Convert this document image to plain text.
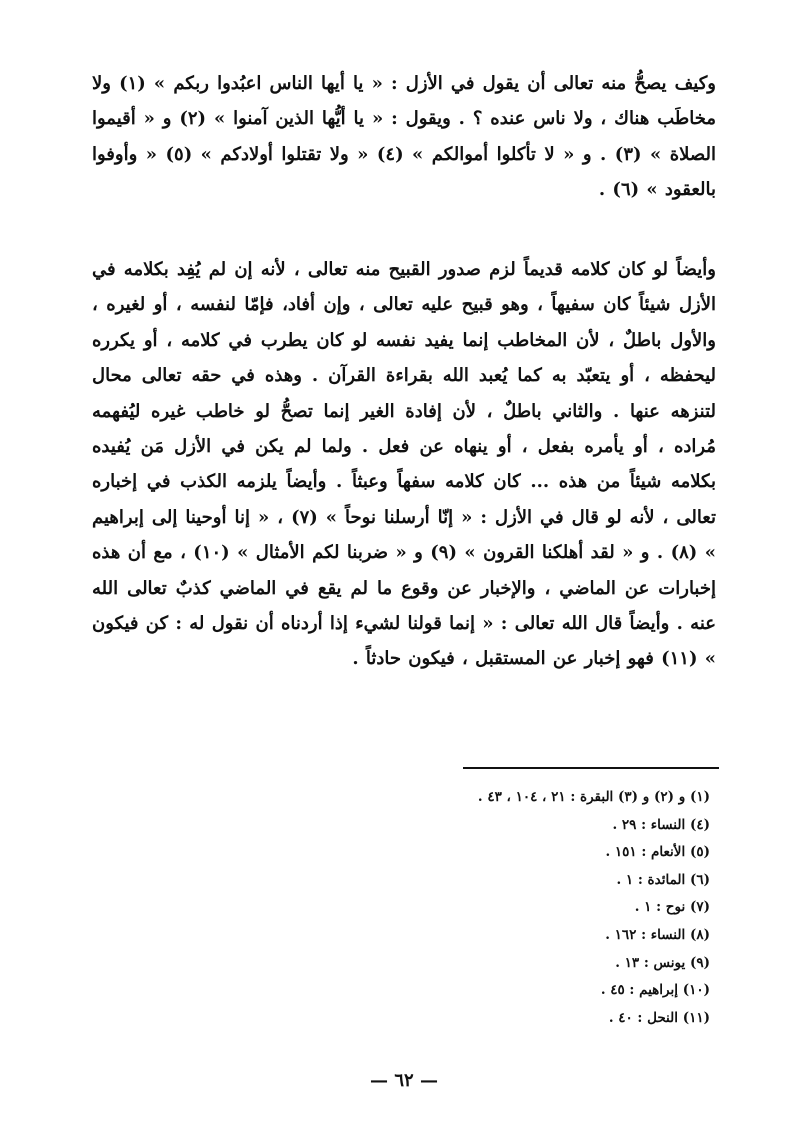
وكيف يصحُّ منه تعالى أن يقول في الأزل : « يا أيها الناس اعبُدوا ربكم » (١) ولا مخاطَب هناك ، ولا ناس عنده ؟ . ويقول : « يا أيُّها الذين آمنوا » (٢) و « أقيموا الصلاة » (٣) . و « لا تأكلوا أموالكم » (٤) « ولا تقتلوا أولادكم » (٥) « وأوفوا بالعقود » (٦) .

وأيضاً لو كان كلامه قديماً لزم صدور القبيح منه تعالى ، لأنه إن لم يُفِد بكلامه في الأزل شيئاً كان سفيهاً ، وهو قبيح عليه تعالى ، وإن أفاد، فإمّا لنفسه ، أو لغيره ، والأول باطلٌ ، لأن المخاطب إنما يفيد نفسه لو كان يطرب في كلامه ، أو يكرره ليحفظه ، أو يتعبّد به كما يُعبد الله بقراءة القرآن . وهذه في حقه تعالى محال لتنزهه عنها . والثاني باطلٌ ، لأن إفادة الغير إنما تصحُّ لو خاطب غيره ليُفهمه مُراده ، أو يأمره بفعل ، أو ينهاه عن فعل . ولما لم يكن في الأزل مَن يُفيده بكلامه شيئاً من هذه ... كان كلامه سفهاً وعبثاً . وأيضاً يلزمه الكذب في إخباره تعالى ، لأنه لو قال في الأزل : « إنّا أرسلنا نوحاً » (٧) ، « إنا أوحينا إلى إبراهيم » (٨) . و « لقد أهلكنا القرون » (٩) و « ضربنا لكم الأمثال » (١٠) ، مع أن هذه إخبارات عن الماضي ، والإخبار عن وقوع ما لم يقع في الماضي كذبٌ تعالى الله عنه . وأيضاً قال الله تعالى : « إنما قولنا لشيء إذا أردناه أن نقول له : كن فيكون » (١١) فهو إخبار عن المستقبل ، فيكون حادثاً .

(١) و (٢) و (٣) البقرة : ٢١ ، ١٠٤ ، ٤٣ .
(٤) النساء : ٢٩ .
(٥) الأنعام : ١٥١ .
(٦) المائدة : ١ .
(٧) نوح : ١ .
(٨) النساء : ١٦٢ .
(٩) يونس : ١٣ .
(١٠) إبراهيم : ٤٥ .
(١١) النحل : ٤٠ .
— ٦٢ —
